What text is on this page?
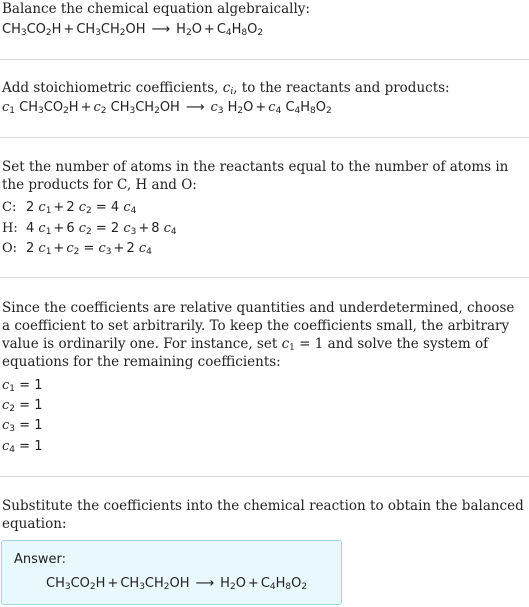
Balance the chemical equation algebraically:
$CH_3CO_2H + CH_3CH_2OH$ ⟶ $H_2O + C_4H_8O_2$
Add stoichiometric coefficients, $c_i$, to the reactants and products:
$c_1$ $CH_3CO_2H + c_2$ $CH_3CH_2OH$ ⟶ $c_3$ $H_2O + c_4$ $C_4H_8O_2$
Set the number of atoms in the reactants equal to the number of atoms in the products for C, H and O:
C: 2 $c_1 + 2$ $c_2 = 4$ $c_4$
H: 4 $c_1 + 6$ $c_2 = 2$ $c_3 + 8$ $c_4$
O: 2 $c_1 + c_2 = c_3 + 2$ $c_4$
Since the coefficients are relative quantities and underdetermined, choose a coefficient to set arbitrarily. To keep the coefficients small, the arbitrary value is ordinarily one. For instance, set $c_1 = 1$ and solve the system of equations for the remaining coefficients:
$c_1 = 1$
$c_2 = 1$
$c_3 = 1$
$c_4 = 1$
Substitute the coefficients into the chemical reaction to obtain the balanced equation:
Answer:
$CH_3CO_2H + CH_3CH_2OH$ ⟶ $H_2O + C_4H_8O_2$
